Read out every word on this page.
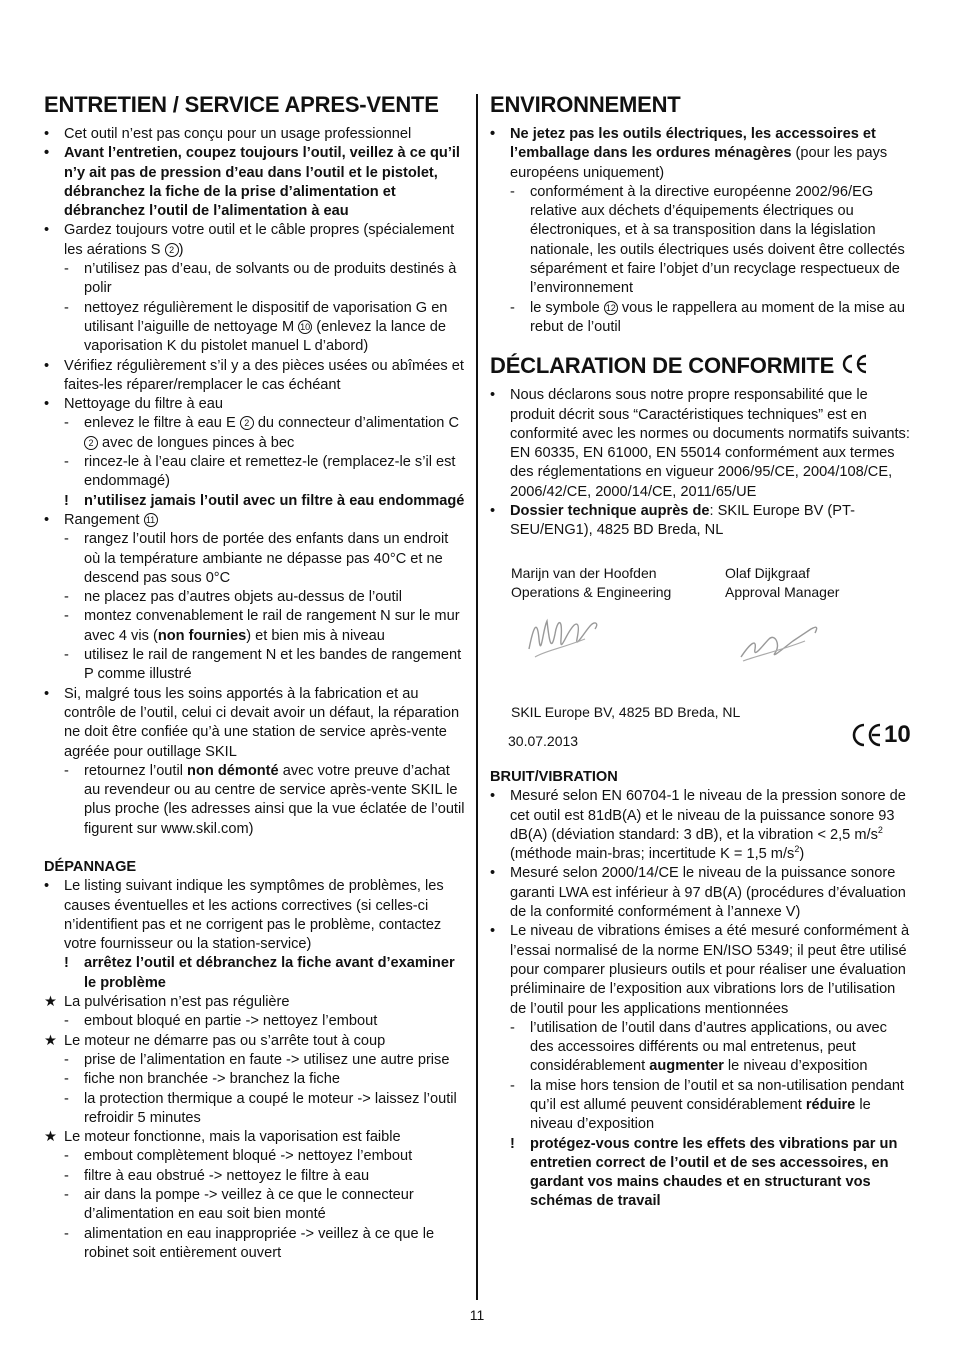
ENTRETIEN / SERVICE APRES-VENTE
• Cet outil n’est pas conçu pour un usage professionnel
• Avant l’entretien, coupez toujours l’outil, veillez à ce qu’il n’y ait pas de pression d’eau dans l’outil et le pistolet, débranchez la fiche de la prise d’alimentation et débranchez l’outil de l’alimentation à eau
• Gardez toujours votre outil et le câble propres (spécialement les aérations S 2 )
- n’utilisez pas d’eau, de solvants ou de produits destinés à polir
- nettoyez régulièrement le dispositif de vaporisation G en utilisant l’aiguille de nettoyage M 10 (enlevez la lance de vaporisation K du pistolet manuel L d’abord)
• Vérifiez régulièrement s’il y a des pièces usées ou abîmées et faites-les réparer/remplacer le cas échéant
• Nettoyage du filtre à eau
- enlevez le filtre à eau E 2 du connecteur d’alimentation C 2 avec de longues pinces à bec
- rincez-le à l’eau claire et remettez-le (remplacez-le s’il est endommagé)
! n’utilisez jamais l’outil avec un filtre à eau endommagé
• Rangement 11
- rangez l’outil hors de portée des enfants dans un endroit où la température ambiante ne dépasse pas 40°C et ne descend pas sous 0°C
- ne placez pas d’autres objets au-dessus de l’outil
- montez convenablement le rail de rangement N sur le mur avec 4 vis (non fournies) et bien mis à niveau
- utilisez le rail de rangement N et les bandes de rangement P comme illustré
• Si, malgré tous les soins apportés à la fabrication et au contrôle de l’outil, celui ci devait avoir un défaut, la réparation ne doit être confiée qu’à une station de service après-vente agréée pour outillage SKIL
- retournez l’outil non démonté avec votre preuve d’achat au revendeur ou au centre de service après-vente SKIL le plus proche (les adresses ainsi que la vue éclatée de l’outil figurent sur www.skil.com)
DÉPANNAGE
• Le listing suivant indique les symptômes de problèmes, les causes éventuelles et les actions correctives (si celles-ci n’identifient pas et ne corrigent pas le problème, contactez votre fournisseur ou la station-service)
! arrêtez l’outil et débranchez la fiche avant d’examiner le problème
★ La pulvérisation n’est pas régulière
- embout bloqué en partie -> nettoyez l’embout
★ Le moteur ne démarre pas ou s’arrête tout à coup
- prise de l’alimentation en faute -> utilisez une autre prise
- fiche non branchée -> branchez la fiche
- la protection thermique a coupé le moteur -> laissez l’outil refroidir 5 minutes
★ Le moteur fonctionne, mais la vaporisation est faible
- embout complètement bloqué -> nettoyez l’embout
- filtre à eau obstrué -> nettoyez le filtre à eau
- air dans la pompe -> veillez à ce que le connecteur d’alimentation en eau soit bien monté
- alimentation en eau inappropriée -> veillez à ce que le robinet soit entièrement ouvert
ENVIRONNEMENT
• Ne jetez pas les outils électriques, les accessoires et l’emballage dans les ordures ménagères (pour les pays européens uniquement)
- conformément à la directive européenne 2002/96/EG relative aux déchets d’équipements électriques ou électroniques, et à sa transposition dans la législation nationale, les outils électriques usés doivent être collectés séparément et faire l’objet d’un recyclage respectueux de l’environnement
- le symbole 12 vous le rappellera au moment de la mise au rebut de l’outil
DÉCLARATION DE CONFORMITE
• Nous déclarons sous notre propre responsabilité que le produit décrit sous “Caractéristiques techniques” est en conformité avec les normes ou documents normatifs suivants: EN 60335, EN 61000, EN 55014 conformément aux termes des réglementations en vigueur 2006/95/CE, 2004/108/CE, 2006/42/CE, 2000/14/CE, 2011/65/UE
• Dossier technique auprès de: SKIL Europe BV (PT-SEU/ENG1), 4825 BD Breda, NL
Marijn van der Hoofden
Operations & Engineering
Olaf Dijkgraaf
Approval Manager
SKIL Europe BV, 4825 BD Breda, NL
30.07.2013	10
BRUIT/VIBRATION
• Mesuré selon EN 60704-1 le niveau de la pression sonore de cet outil est 81dB(A) et le niveau de la puissance sonore 93 dB(A) (déviation standard: 3 dB), et la vibration < 2,5 $m/s^2$ (méthode main-bras; incertitude K = 1,5 $m/s^2$)
• Mesuré selon 2000/14/CE le niveau de la puissance sonore garanti LWA est inférieur à 97 dB(A) (procédures d’évaluation de la conformité conformément à l’annexe V)
• Le niveau de vibrations émises a été mesuré conformément à l’essai normalisé de la norme EN/ISO 5349; il peut être utilisé pour comparer plusieurs outils et pour réaliser une évaluation préliminaire de l’exposition aux vibrations lors de l’utilisation de l’outil pour les applications mentionnées
- l’utilisation de l’outil dans d’autres applications, ou avec des accessoires différents ou mal entretenus, peut considérablement augmenter le niveau d’exposition
- la mise hors tension de l’outil et sa non-utilisation pendant qu’il est allumé peuvent considérablement réduire le niveau d’exposition
! protégez-vous contre les effets des vibrations par un entretien correct de l’outil et de ses accessoires, en gardant vos mains chaudes et en structurant vos schémas de travail
11
